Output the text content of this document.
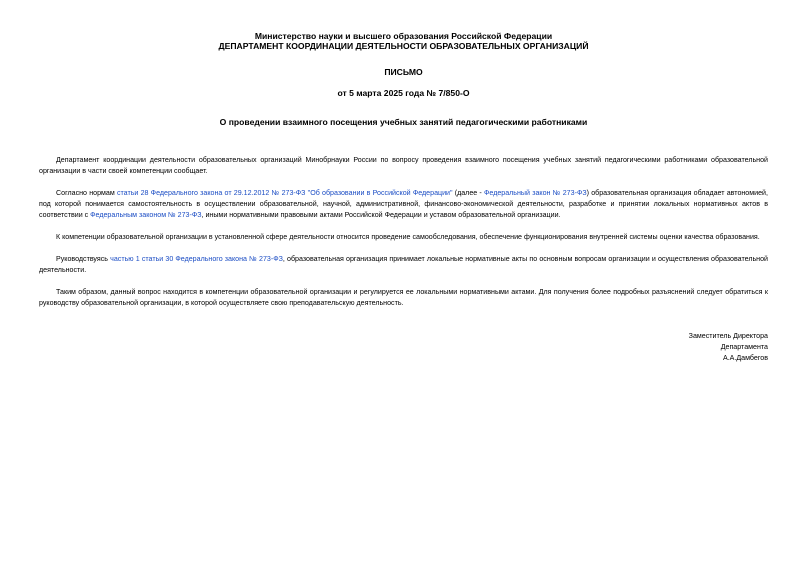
Министерство науки и высшего образования Российской Федерации
ДЕПАРТАМЕНТ КООРДИНАЦИИ ДЕЯТЕЛЬНОСТИ ОБРАЗОВАТЕЛЬНЫХ ОРГАНИЗАЦИЙ
ПИСЬМО
от 5 марта 2025 года № 7/850-О
О проведении взаимного посещения учебных занятий педагогическими работниками

Департамент координации деятельности образовательных организаций Минобрнауки России по вопросу проведения взаимного посещения учебных занятий педагогическими работниками образовательной организации в части своей компетенции сообщает.

Согласно нормам статьи 28 Федерального закона от 29.12.2012 № 273-ФЗ "Об образовании в Российской Федерации" (далее - Федеральный закон № 273-ФЗ) образовательная организация обладает автономией, под которой понимается самостоятельность в осуществлении образовательной, научной, административной, финансово-экономической деятельности, разработке и принятии локальных нормативных актов в соответствии с Федеральным законом № 273-ФЗ, иными нормативными правовыми актами Российской Федерации и уставом образовательной организации.

К компетенции образовательной организации в установленной сфере деятельности относится проведение самообследования, обеспечение функционирования внутренней системы оценки качества образования.

Руководствуясь частью 1 статьи 30 Федерального закона № 273-ФЗ, образовательная организация принимает локальные нормативные акты по основным вопросам организации и осуществления образовательной деятельности.

Таким образом, данный вопрос находится в компетенции образовательной организации и регулируется ее локальными нормативными актами. Для получения более подробных разъяснений следует обратиться к руководству образовательной организации, в которой осуществляете свою преподавательскую деятельность.

Заместитель Директора
Департамента
А.А.Дамбегов
